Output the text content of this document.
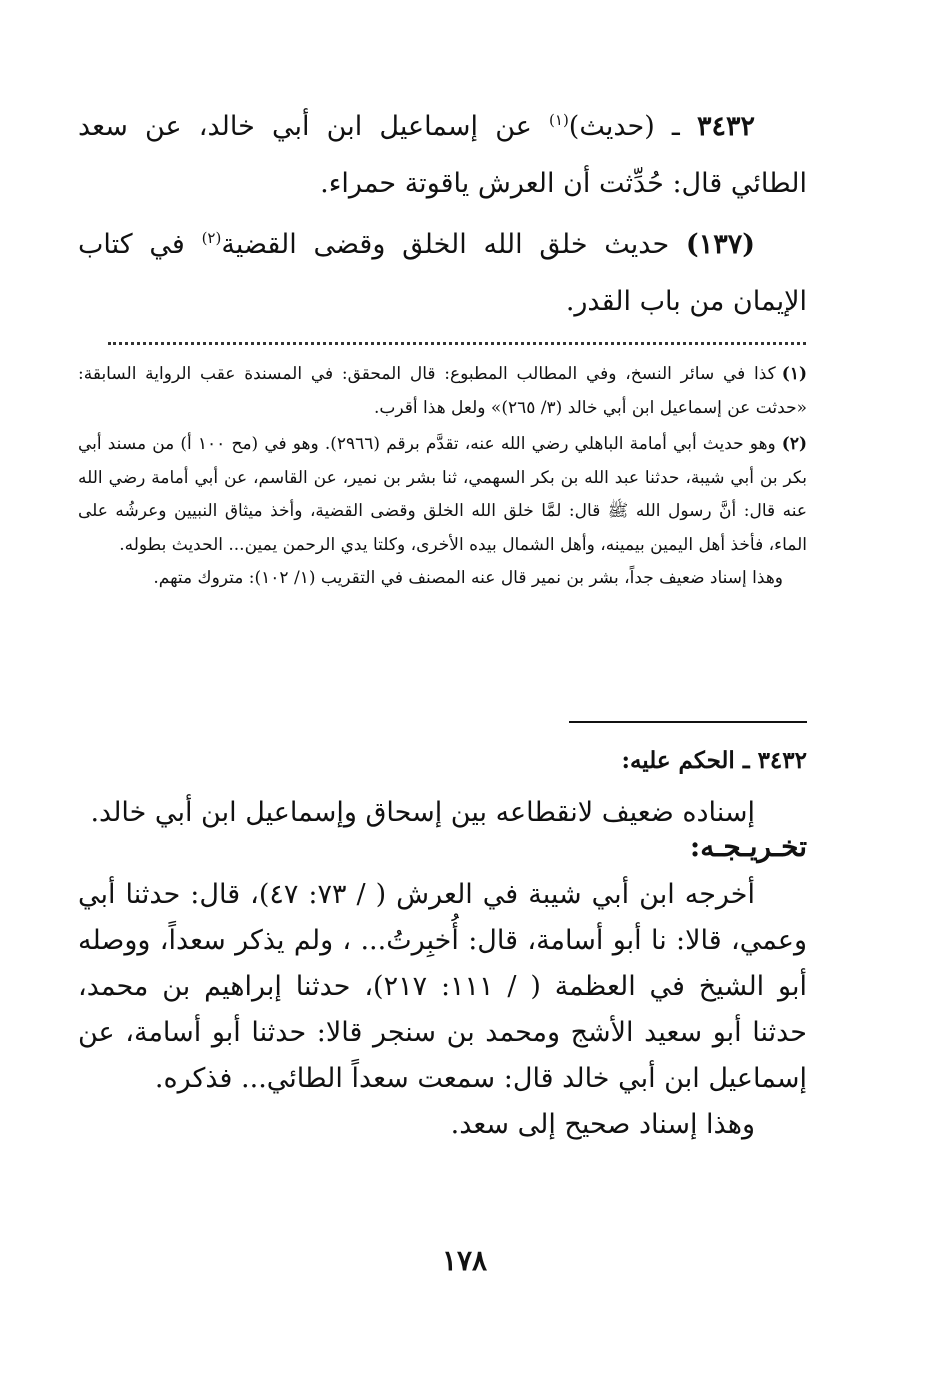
٣٤٣٢ ـ (حديث)$^{(١)}$ عن إسماعيل ابن أبي خالد، عن سعد الطائي قال: حُدِّثت أن العرش ياقوتة حمراء.

(١٣٧) حديث خلق الله الخلق وقضى القضية$^{(٢)}$ في كتاب الإيمان من باب القدر.

(١)كذا في سائر النسخ، وفي المطالب المطبوع: قال المحقق: في المسندة عقب الرواية السابقة: «حدثت عن إسماعيل ابن أبي خالد (٣/ ٢٦٥)» ولعل هذا أقرب.

(٢)وهو حديث أبي أمامة الباهلي رضي الله عنه، تقدَّم برقم (٢٩٦٦). وهو في (مح ١٠٠ أ) من مسند أبي بكر بن أبي شيبة، حدثنا عبد الله بن بكر السهمي، ثنا بشر بن نمير، عن القاسم، عن أبي أمامة رضي الله عنه قال: أنَّ رسول الله ﷺ قال: لمَّا خلق الله الخلق وقضى القضية، وأخذ ميثاق النبيين وعرشُه على الماء، فأخذ أهل اليمين بيمينه، وأهل الشمال بيده الأخرى، وكلتا يدي الرحمن يمين... الحديث بطوله.

وهذا إسناد ضعيف جداً، بشر بن نمير قال عنه المصنف في التقريب (١/ ١٠٢): متروك متهم.

٣٤٣٢ ـ الحكم عليه:

إسناده ضعيف لانقطاعه بين إسحاق وإسماعيل ابن أبي خالد.

تخـريـجـه:

أخرجه ابن أبي شيبة في العرش ( / ٧٣: ٤٧)، قال: حدثنا أبي وعمي، قالا: نا أبو أسامة، قال: أُخبِرتُ... ، ولم يذكر سعداً، ووصله أبو الشيخ في العظمة ( / ١١١: ٢١٧)، حدثنا إبراهيم بن محمد، حدثنا أبو سعيد الأشج ومحمد بن سنجر قالا: حدثنا أبو أسامة، عن إسماعيل ابن أبي خالد قال: سمعت سعداً الطائي... فذكره.

وهذا إسناد صحيح إلى سعد.

١٧٨
